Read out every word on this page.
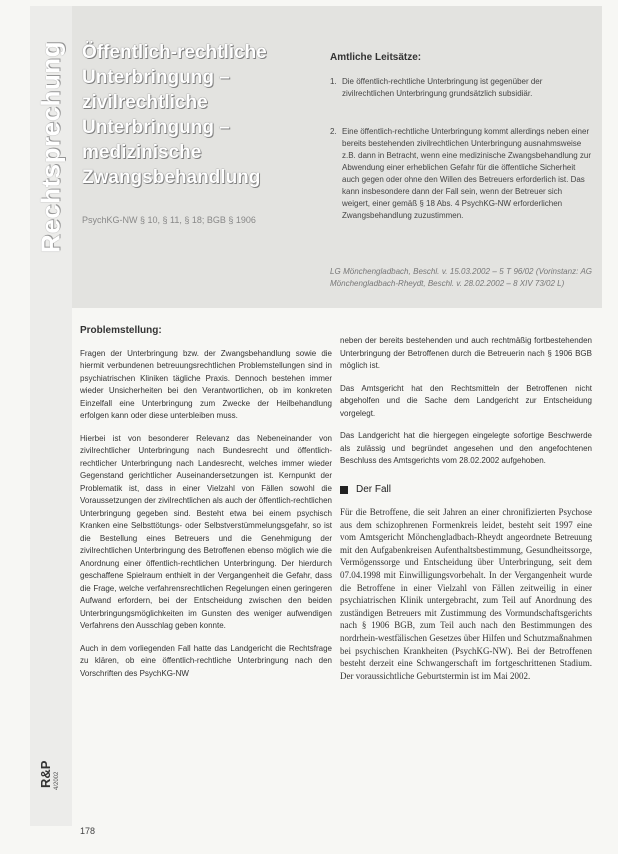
Rechtsprechung Öffentlich-rechtliche Unterbringung – zivilrechtliche Unterbringung – medizinische Zwangsbehandlung
PsychKG-NW § 10, § 11, § 18; BGB § 1906
Amtliche Leitsätze:
1. Die öffentlich-rechtliche Unterbringung ist gegenüber der zivilrechtlichen Unterbringung grundsätzlich subsidiär.
2. Eine öffentlich-rechtliche Unterbringung kommt allerdings neben einer bereits bestehenden zivilrechtlichen Unterbringung ausnahmsweise z.B. dann in Betracht, wenn eine medizinische Zwangsbehandlung zur Abwendung einer erheblichen Gefahr für die öffentliche Sicherheit auch gegen oder ohne den Willen des Betreuers erforderlich ist. Das kann insbesondere dann der Fall sein, wenn der Betreuer sich weigert, einer gemäß § 18 Abs. 4 PsychKG-NW erforderlichen Zwangsbehandlung zuzustimmen.

LG Mönchengladbach, Beschl. v. 15.03.2002 – 5 T 96/02 (Vorinstanz: AG Mönchengladbach-Rheydt, Beschl. v. 28.02.2002 – 8 XIV 73/02 L)

Problemstellung:

Fragen der Unterbringung bzw. der Zwangsbehandlung sowie die hiermit verbundenen betreuungsrechtlichen Problemstellungen sind in psychiatrischen Kliniken tägliche Praxis. Dennoch bestehen immer wieder Unsicherheiten bei den Verantwortlichen, ob im konkreten Einzelfall eine Unterbringung zum Zwecke der Heilbehandlung erfolgen kann oder diese unterbleiben muss.

Hierbei ist von besonderer Relevanz das Nebeneinander von zivilrechtlicher Unterbringung nach Bundesrecht und öffentlich-rechtlicher Unterbringung nach Landesrecht, welches immer wieder Gegenstand gerichtlicher Auseinandersetzungen ist. Kernpunkt der Problematik ist, dass in einer Vielzahl von Fällen sowohl die Voraussetzungen der zivilrechtlichen als auch der öffentlich-rechtlichen Unterbringung gegeben sind. Besteht etwa bei einem psychisch Kranken eine Selbsttötungs- oder Selbstverstümmelungsgefahr, so ist die Bestellung eines Betreuers und die Genehmigung der zivilrechtlichen Unterbringung des Betroffenen ebenso möglich wie die Anordnung einer öffentlich-rechtlichen Unterbringung. Der hierdurch geschaffene Spielraum enthielt in der Vergangenheit die Gefahr, dass die Frage, welche verfahrensrechtlichen Regelungen einen geringeren Aufwand erfordern, bei der Entscheidung zwischen den beiden Unterbringungsmöglichkeiten im Gunsten des weniger aufwendigen Verfahrens den Ausschlag geben konnte.

Auch in dem vorliegenden Fall hatte das Landgericht die Rechtsfrage zu klären, ob eine öffentlich-rechtliche Unterbringung nach den Vorschriften des PsychKG-NW

neben der bereits bestehenden und auch rechtmäßig fortbestehenden Unterbringung der Betroffenen durch die Betreuerin nach § 1906 BGB möglich ist.

Das Amtsgericht hat den Rechtsmitteln der Betroffenen nicht abgeholfen und die Sache dem Landgericht zur Entscheidung vorgelegt.

Das Landgericht hat die hiergegen eingelegte sofortige Beschwerde als zulässig und begründet angesehen und den angefochtenen Beschluss des Amtsgerichts vom 28.02.2002 aufgehoben.

Der Fall

Für die Betroffene, die seit Jahren an einer chronifizierten Psychose aus dem schizophrenen Formenkreis leidet, besteht seit 1997 eine vom Amtsgericht Mönchengladbach-Rheydt angeordnete Betreuung mit den Aufgabenkreisen Aufenthaltsbestimmung, Gesundheitssorge, Vermögenssorge und Entscheidung über Unterbringung, seit dem 07.04.1998 mit Einwilligungsvorbehalt. In der Vergangenheit wurde die Betroffene in einer Vielzahl von Fällen zeitweilig in einer psychiatrischen Klinik untergebracht, zum Teil auf Anordnung des zuständigen Betreuers mit Zustimmung des Vormundschaftsgerichts nach § 1906 BGB, zum Teil auch nach den Bestimmungen des nordrhein-westfälischen Gesetzes über Hilfen und Schutzmaßnahmen bei psychischen Krankheiten (PsychKG-NW). Bei der Betroffenen besteht derzeit eine Schwangerschaft im fortgeschrittenen Stadium. Der voraussichtliche Geburtstermin ist im Mai 2002.

R&P 4/2002
178
